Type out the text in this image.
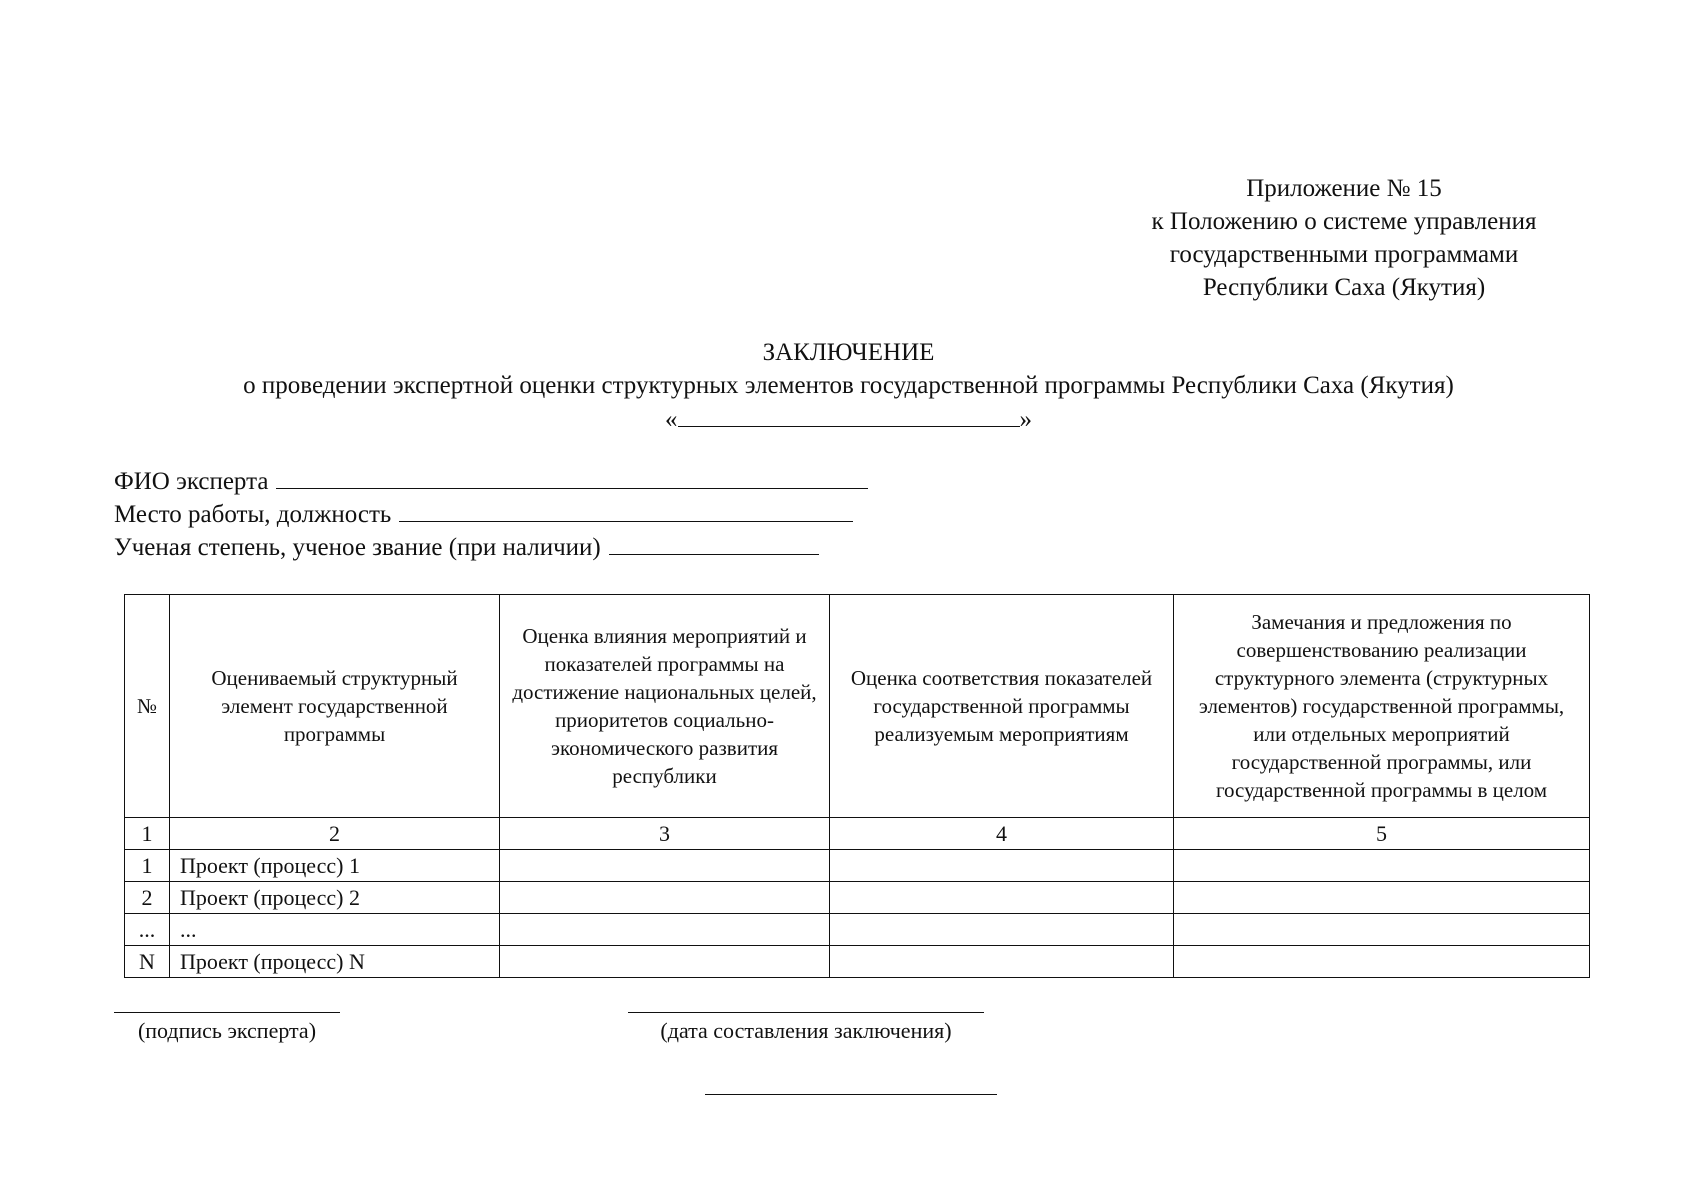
Приложение № 15
к Положению о системе управления
государственными программами
Республики Саха (Якутия)
ЗАКЛЮЧЕНИЕ
о проведении экспертной оценки структурных элементов государственной программы Республики Саха (Якутия)
«	»
ФИО эксперта
Место работы, должность
Ученая степень, ученое звание (при наличии)
№	Оцениваемый структурный элемент государственной программы	Оценка влияния мероприятий и показателей программы на достижение национальных целей, приоритетов социально-экономического развития республики	Оценка соответствия показателей государственной программы реализуемым мероприятиям	Замечания и предложения по совершенствованию реализации структурного элемента (структурных элементов) государственной программы, или отдельных мероприятий государственной программы, или государственной программы в целом
1	2	3	4	5
1	Проект (процесс) 1			
2	Проект (процесс) 2			
...	...			
N	Проект (процесс) N			
(подпись эксперта)	(дата составления заключения)
